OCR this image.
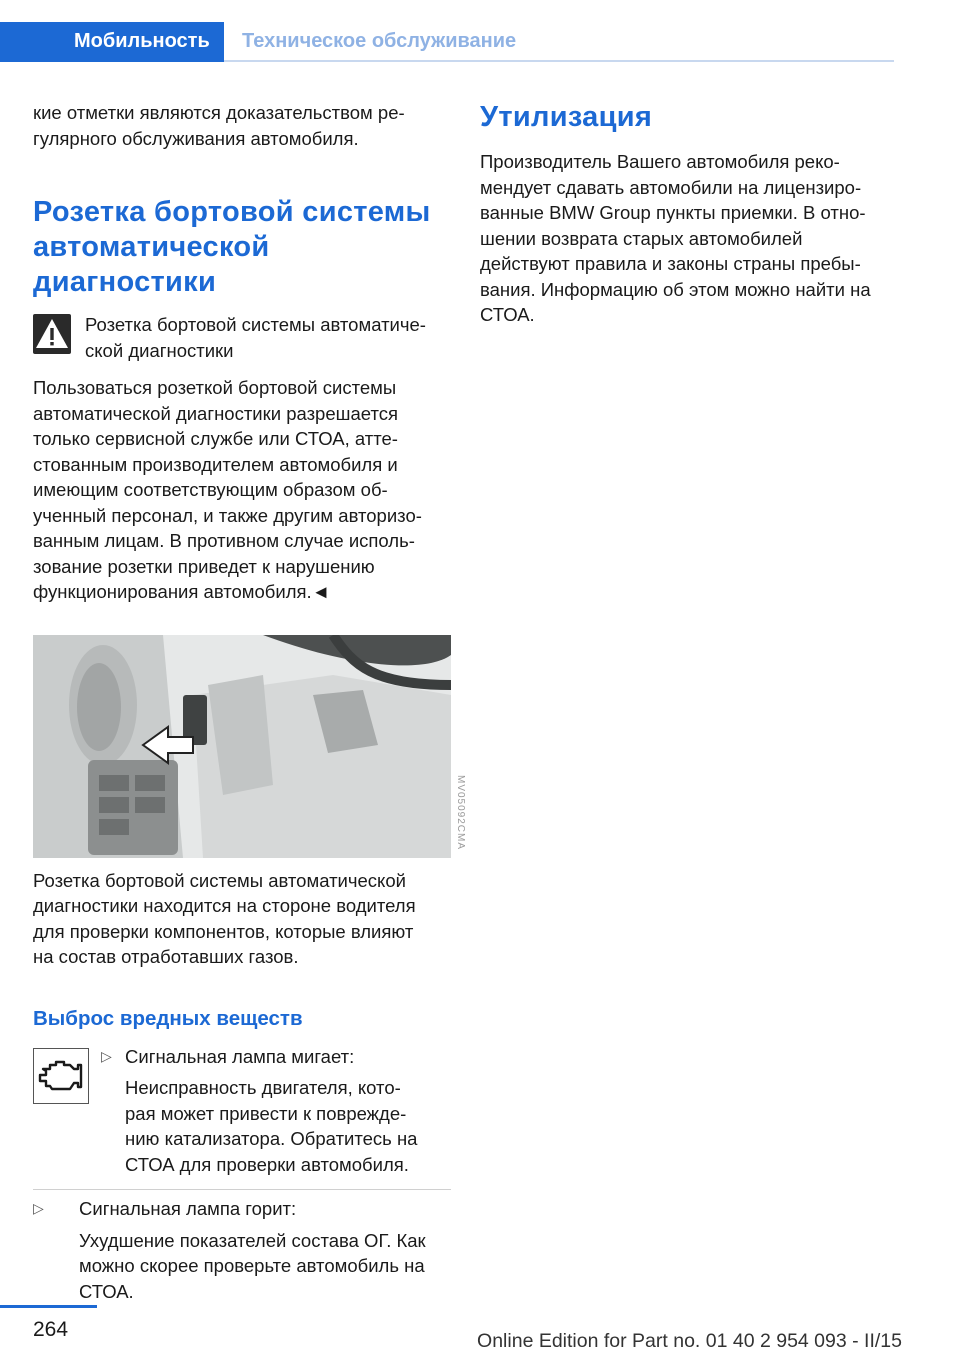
Мобильность Техническое обслуживание

кие отметки являются доказательством ре-
гулярного обслуживания автомобиля.

Розетка бортовой системы
автоматической
диагностики

Розетка бортовой системы автоматиче-
ской диагностики

Пользоваться розеткой бортовой системы
автоматической диагностики разрешается
только сервисной службе или СТОА, атте-
стованным производителем автомобиля и
имеющим соответствующим образом об-
ученный персонал, и также другим авторизо-
ванным лицам. В противном случае исполь-
зование розетки приведет к нарушению
функционирования автомобиля.◄

MV05092CMA

Розетка бортовой системы автоматической
диагностики находится на стороне водителя
для проверки компонентов, которые влияют
на состав отработавших газов.

Выброс вредных веществ
▷ Сигнальная лампа мигает:

Неисправность двигателя, кото-
рая может привести к поврежде-
нию катализатора. Обратитесь на
СТОА для проверки автомобиля.

▷ Сигнальная лампа горит:

Ухудшение показателей состава ОГ. Как
можно скорее проверьте автомобиль на
СТОА.

Утилизация

Производитель Вашего автомобиля реко-
мендует сдавать автомобили на лицензиро-
ванные BMW Group пункты приемки. В отно-
шении возврата старых автомобилей
действуют правила и законы страны пребы-
вания. Информацию об этом можно найти на
СТОА.

264	Online Edition for Part no. 01 40 2 954 093 - II/15
